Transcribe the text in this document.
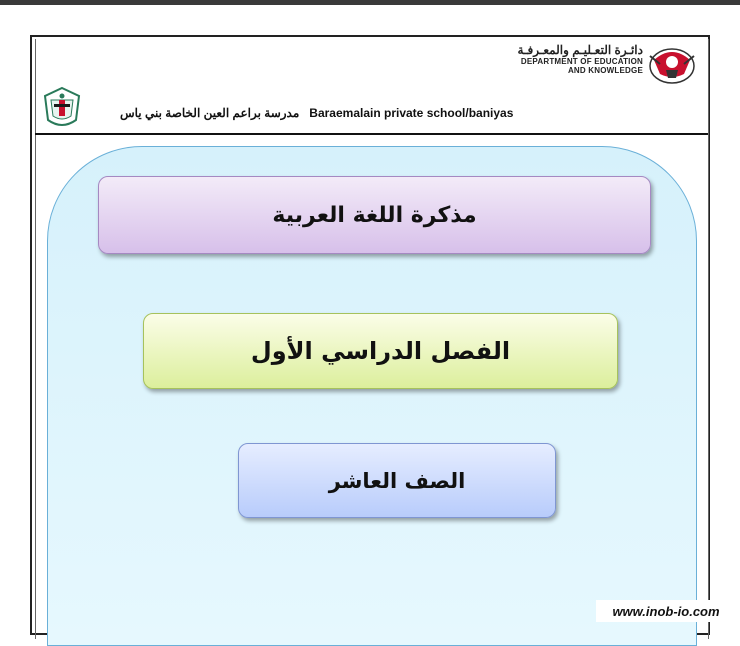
دائـرة التعـليـم والمعـرفـة
DEPARTMENT OF EDUCATION
AND KNOWLEDGE
مدرسة براعم العين الخاصة بني ياس Baraemalain private school/baniyas
مذكرة اللغة العربية
الفصل الدراسي الأول
الصف العاشر
www.inob-io.com
